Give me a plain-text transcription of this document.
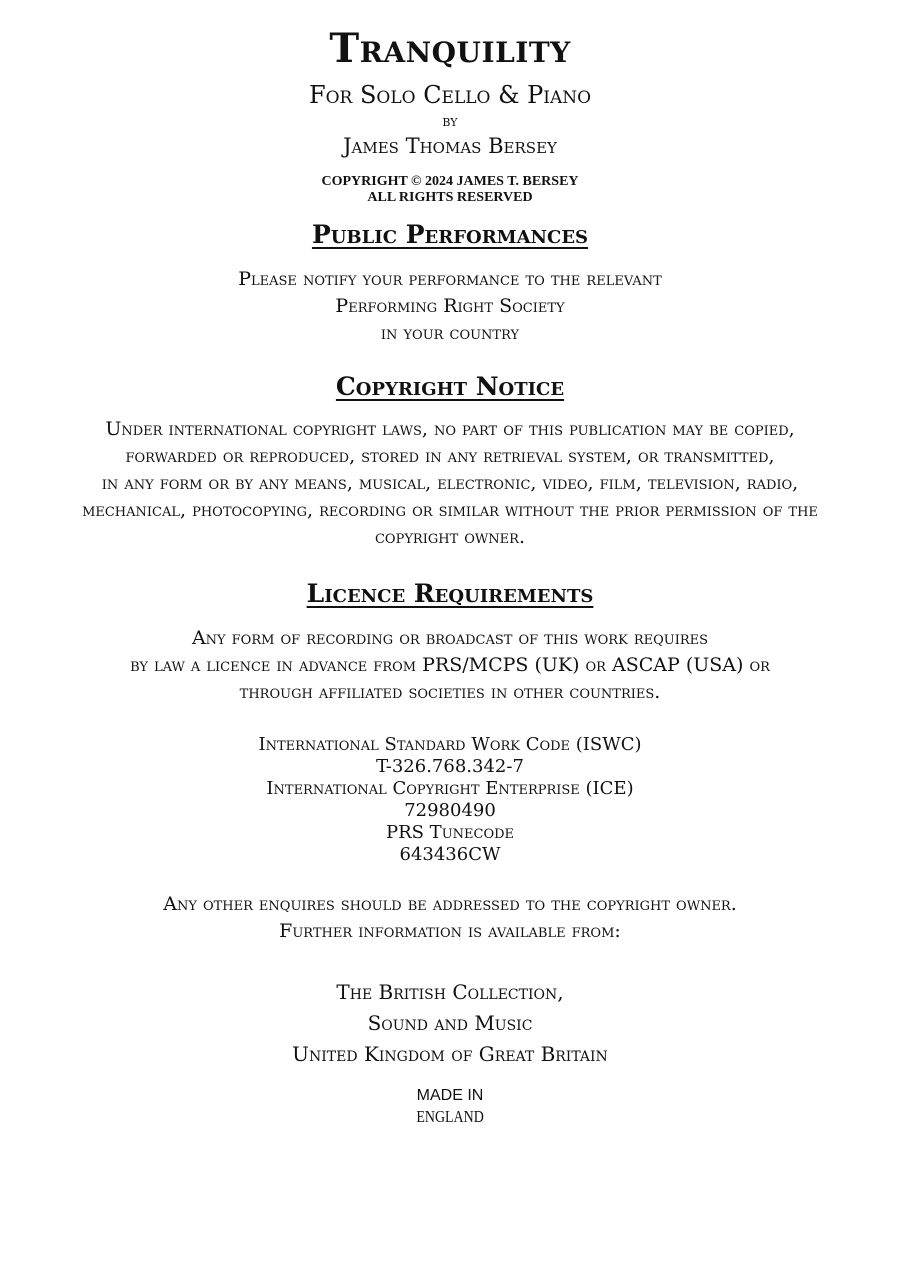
Tranquility

For Solo Cello & Piano

by

James Thomas Bersey

COPYRIGHT © 2024 JAMES T. BERSEY

ALL RIGHTS RESERVED

Public Performances

Please notify your performance to the relevant

Performing Right Society

in your country

Copyright Notice

Under international copyright laws, no part of this publication may be copied,

forwarded or reproduced, stored in any retrieval system, or transmitted,

in any form or by any means, musical, electronic, video, film, television, radio,

mechanical, photocopying, recording or similar without the prior permission of the

copyright owner.

Licence Requirements

Any form of recording or broadcast of this work requires

by law a licence in advance from PRS/MCPS (UK) or ASCAP (USA) or

through affiliated societies in other countries.

International Standard Work Code (ISWC)

T-326.768.342-7

International Copyright Enterprise (ICE)

72980490

PRS Tunecode

643436CW

Any other enquires should be addressed to the copyright owner.

Further information is available from:

The British Collection,

Sound and Music

United Kingdom of Great Britain

MADE IN

ENGLAND
